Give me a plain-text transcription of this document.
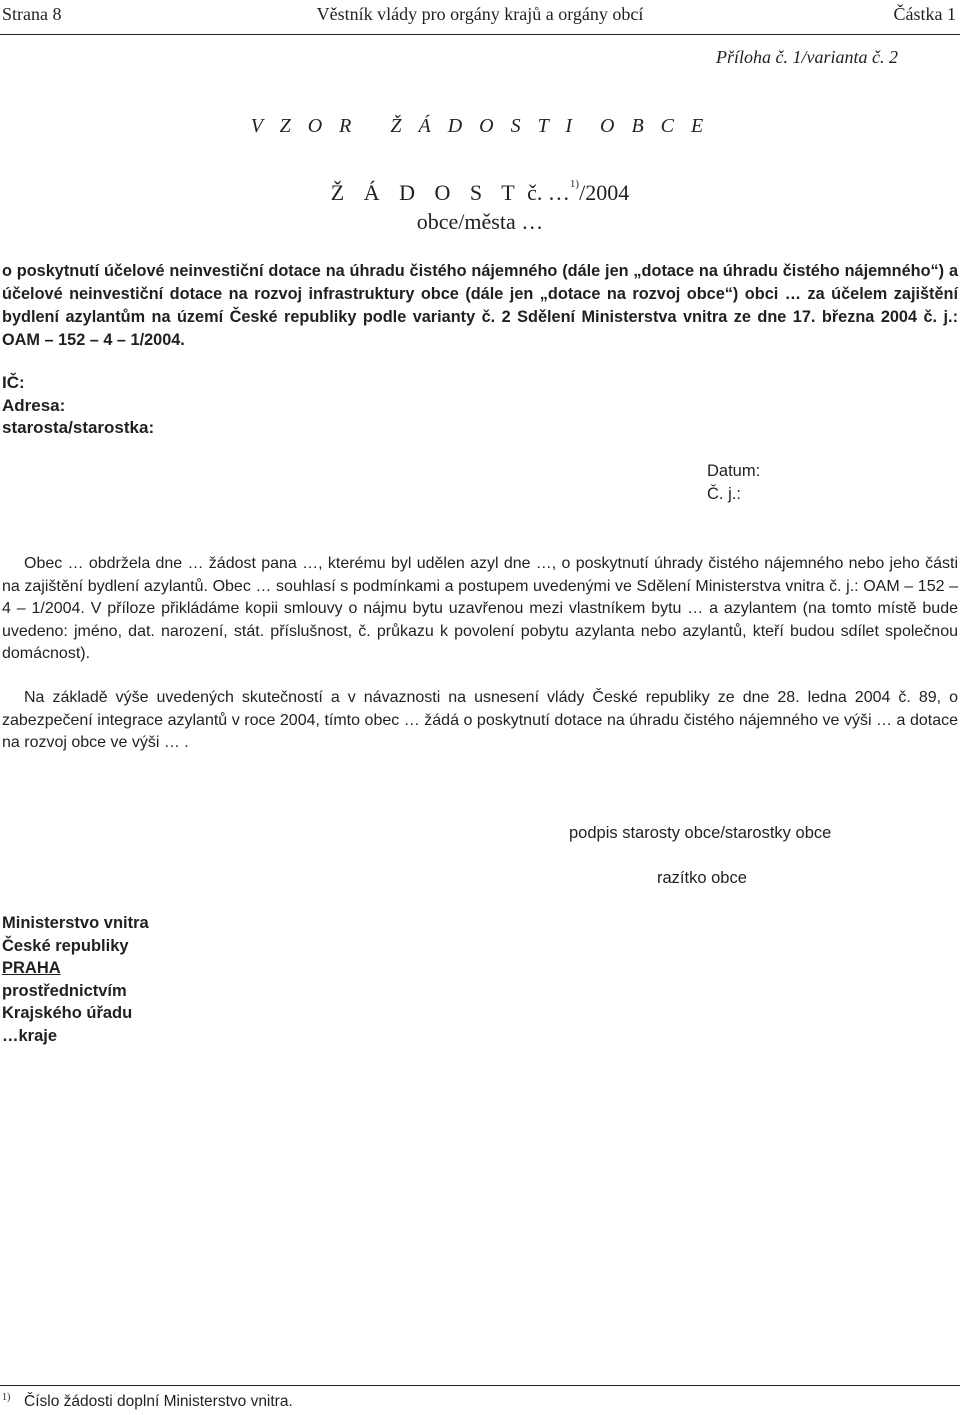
Věstník vlády pro orgány krajů a orgány obcí
Strana 8	Částka 1
Příloha č. 1/varianta č. 2
V Z O R   Ž Á D O S T I  O B C E
Ž Á D O S T č. …$^{1)}$/2004
obce/města …
o poskytnutí účelové neinvestiční dotace na úhradu čistého nájemného (dále jen „dotace na úhradu čistého nájemného“) a účelové neinvestiční dotace na rozvoj infrastruktury obce (dále jen „dotace na rozvoj obce“) obci … za účelem zajištění bydlení azylantům na území České republiky podle varianty č. 2 Sdělení Ministerstva vnitra ze dne 17. března 2004 č. j.: OAM – 152 – 4 – 1/2004.
IČ:
Adresa:
starosta/starostka:
Datum:
Č. j.:
Obec … obdržela dne … žádost pana …, kterému byl udělen azyl dne …, o poskytnutí úhrady čistého nájemného nebo jeho části na zajištění bydlení azylantů. Obec … souhlasí s podmínkami a postupem uvedenými ve Sdělení Ministerstva vnitra č. j.: OAM – 152 – 4 – 1/2004. V příloze přikládáme kopii smlouvy o nájmu bytu uzavřenou mezi vlastníkem bytu … a azylantem (na tomto místě bude uvedeno: jméno, dat. narození, stát. příslušnost, č. průkazu k povolení pobytu azylanta nebo azylantů, kteří budou sdílet společnou domácnost).
Na základě výše uvedených skutečností a v návaznosti na usnesení vlády České republiky ze dne 28. ledna 2004 č. 89, o zabezpečení integrace azylantů v roce 2004, tímto obec … žádá o poskytnutí dotace na úhradu čistého nájemného ve výši … a dotace na rozvoj obce ve výši … .
podpis starosty obce/starostky obce
razítko obce
Ministerstvo vnitra
České republiky
PRAHA
prostřednictvím
Krajského úřadu
…kraje
1) Číslo žádosti doplní Ministerstvo vnitra.
